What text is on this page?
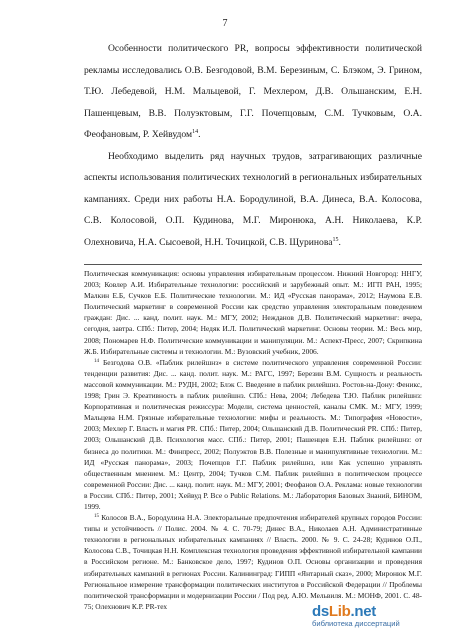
7

Особенности политического PR, вопросы эффективности политической рекламы исследовались О.В. Безгодовой, В.М. Березиным, С. Блэком, Э. Грином, Т.Ю. Лебедевой, Н.М. Мальцевой, Г. Мехлером, Д.В. Ольшанским, Е.Н. Пашенцевым, В.В. Полуэктовым, Г.Г. Почепцовым, С.М. Тучковым, О.А. Феофановым, Р. Хейвудом$^{14}$.

Необходимо выделить ряд научных трудов, затрагивающих различные аспекты использования политических технологий в региональных избирательных кампаниях. Среди них работы Н.А. Бородулиной, В.А. Динеса, В.А. Колосова, С.В. Колосовой, О.П. Кудинова, М.Г. Миронюка, А.Н. Николаева, К.Р. Олехновича, Н.А. Сысоевой, Н.Н. Точицкой, С.В. Щуринова$^{15}$.

Политическая коммуникация: основы управления избирательным процессом. Нижний Новгород: ННГУ, 2003; Ковлер А.И. Избирательные технологии: российский и зарубежный опыт. М.: ИГП РАН, 1995; Малкин Е.Б, Сучков Е.Б. Политические технологии. М.: ИД «Русская панорама», 2012; Наумова Е.В. Политический маркетинг в современной России как средство управления электоральным поведением граждан: Дис. ... канд. полит. наук. М.: МГУ, 2002; Нежданов Д.В. Политический маркетинг: вчера, сегодня, завтра. СПб.: Питер, 2004; Недяк И.Л. Политический маркетинг. Основы теории. М.: Весь мир, 2008; Пономарев Н.Ф. Политические коммуникации и манипуляции. М.: Аспект-Пресс, 2007; Скрипкина Ж.Б. Избирательные системы и технологии. М.: Вузовский учебник, 2006.

$^{14}$ Безгодова О.В. «Паблик рилейшнз» в системе политического управления современной России: тенденции развития: Дис. ... канд. полит. наук. М.: РАГС, 1997; Березин В.М. Сущность и реальность массовой коммуникации. М.: РУДН, 2002; Блэк С. Введение в паблик рилейшнз. Ростов-на-Дону: Феникс, 1998; Грин Э. Креативность в паблик рилейшнз. СПб.: Нева, 2004; Лебедева Т.Ю. Паблик рилейшнз: Корпоративная и политическая режиссура: Модели, система ценностей, каналы СМК. М.: МГУ, 1999; Мальцева Н.М. Грязные избирательные технологии: мифы и реальность. М.: Типография «Новости», 2003; Мехлер Г. Власть и магия PR. СПб.: Питер, 2004; Ольшанский Д.В. Политический PR. СПб.: Питер, 2003; Ольшанский Д.В. Психология масс. СПб.: Питер, 2001; Пашенцев Е.Н. Паблик рилейшнз: от бизнеса до политики. М.: Финпресс, 2002; Полуэктов В.В. Полезные и манипулятивные технологии. М.: ИД «Русская панорама», 2003; Почепцов Г.Г. Паблик рилейшнз, или Как успешно управлять общественным мнением. М.: Центр, 2004; Тучков С.М. Паблик рилейшнз в политическом процессе современной России: Дис. ... канд. полит. наук. М.: МГУ, 2001; Феофанов О.А. Реклама: новые технологии в России. СПб.: Питер, 2001; Хейвуд Р. Все о Public Relations. М.: Лаборатория Базовых Знаний, БИНОМ, 1999.

$^{15}$ Колосов В.А., Бородулина Н.А. Электоральные предпочтения избирателей крупных городов России: типы и устойчивость // Полис. 2004. № 4. С. 70-79; Динес В.А., Николаев А.Н. Административные технологии в региональных избирательных кампаниях // Власть. 2000. № 9. С. 24-28; Кудинов О.П., Колосова С.В., Точицкая Н.Н. Комплексная технология проведения эффективной избирательной кампании в Российском регионе. М.: Банковское дело, 1997; Кудинов О.П. Основы организации и проведения избирательных кампаний в регионах России. Калининград: ГИПП «Янтарный сказ», 2000; Миронюк М.Г. Региональное измерение трансформации политических институтов в Российской Федерации // Проблемы политической трансформации и модернизации России / Под ред. А.Ю. Мельвиля. М.: МОНФ, 2001. С. 48-75; Олехнович К.Р. PR-тех	dsLib.net
библиотека диссертаций
